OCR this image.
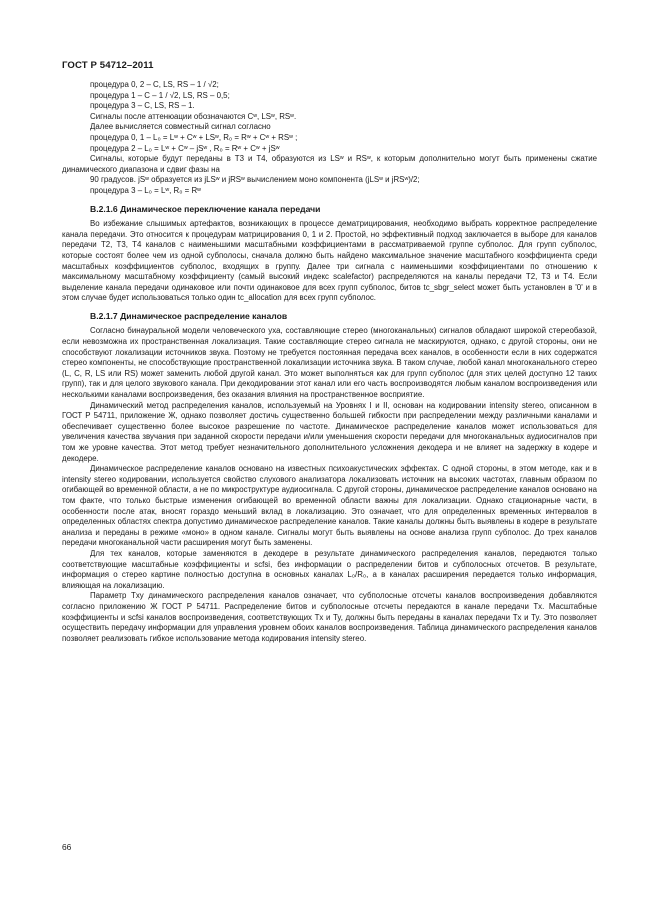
ГОСТ Р 54712–2011
процедура 0, 2 – C, LS, RS – 1 / √2;
процедура 1 – C – 1 / √2, LS, RS – 0,5;
процедура 3 – C, LS, RS – 1.
Сигналы после аттенюации обозначаются Cʷ, LSʷ, RSʷ.
Далее вычисляется совместный сигнал согласно
процедура 0, 1 – L₀ = Lʷ + Cʷ + LSʷ, R₀ = Rʷ + Cʷ + RSʷ ;
процедура 2 – L₀ = Lʷ + Cʷ – jSʷ , R₀ = Rʷ + Cʷ + jSʷ

Сигналы, которые будут переданы в T3 и T4, образуются из LSʷ и RSʷ, к которым дополнительно могут быть применены сжатие динамического диапазона и сдвиг фазы на

90 градусов. jSʷ образуется из jLSʷ и jRSʷ вычислением моно компонента (jLSʷ и jRSʷ)/2;
процедура 3 – L₀ = Lʷ, R₀ = Rʷ
B.2.1.6 Динамическое переключение канала передачи

Во избежание слышимых артефактов, возникающих в процессе дематрицирования, необходимо выбрать корректное распределение канала передачи. Это относится к процедурам матрицирования 0, 1 и 2. Простой, но эффективный подход заключается в выборе для каналов передачи T2, T3, T4 каналов с наименьшими масштабными коэффициентами в рассматриваемой группе субполос. Для групп субполос, которые состоят более чем из одной субполосы, сначала должно быть найдено максимальное значение масштабного коэффициента среди масштабных коэффициентов субполос, входящих в группу. Далее три сигнала с наименьшими коэффициентами по отношению к максимальному масштабному коэффициенту (самый высокий индекс scalefactor) распределяются на каналы передачи T2, T3 и T4. Если выделение канала передачи одинаковое или почти одинаковое для всех групп субполос, битов tc_sbgr_select может быть установлен в '0' и в этом случае будет использоваться только один tc_allocation для всех групп субполос.

B.2.1.7 Динамическое распределение каналов

Согласно бинауральной модели человеческого уха, составляющие стерео (многоканальных) сигналов обладают широкой стереобазой, если невозможна их пространственная локализация. Такие составляющие стерео сигнала не маскируются, однако, с другой стороны, они не способствуют локализации источников звука. Поэтому не требуется постоянная передача всех каналов, в особенности если в них содержатся стерео компоненты, не способствующие пространственной локализации источника звука. В таком случае, любой канал многоканального стерео (L, C, R, LS или RS) может заменить любой другой канал. Это может выполняться как для групп субполос (для этих целей доступно 12 таких групп), так и для целого звукового канала. При декодировании этот канал или его часть воспроизводятся любым каналом воспроизведения или несколькими каналами воспроизведения, без оказания влияния на пространственное восприятие.

Динамический метод распределения каналов, используемый на Уровнях I и II, основан на кодировании intensity stereo, описанном в ГОСТ Р 54711, приложение Ж, однако позволяет достичь существенно большей гибкости при распределении между различными каналами и обеспечивает существенно более высокое разрешение по частоте. Динамическое распределение каналов может использоваться для увеличения качества звучания при заданной скорости передачи и/или уменьшения скорости передачи для многоканальных аудиосигналов при том же уровне качества. Этот метод требует незначительного дополнительного усложнения декодера и не влияет на задержку в кодере и декодере.

Динамическое распределение каналов основано на известных психоакустических эффектах. С одной стороны, в этом методе, как и в intensity stereo кодировании, используется свойство слухового анализатора локализовать источник на высоких частотах, главным образом по огибающей во временной области, а не по микроструктуре аудиосигнала. С другой стороны, динамическое распределение каналов основано на том факте, что только быстрые изменения огибающей во временной области важны для локализации. Однако стационарные части, в особенности после атак, вносят гораздо меньший вклад в локализацию. Это означает, что для определенных временных интервалов в определенных областях спектра допустимо динамическое распределение каналов. Такие каналы должны быть выявлены в кодере в результате анализа и переданы в режиме «моно» в одном канале. Сигналы могут быть выявлены на основе анализа групп субполос. До трех каналов передачи многоканальной части расширения могут быть заменены.

Для тех каналов, которые заменяются в декодере в результате динамического распределения каналов, передаются только соответствующие масштабные коэффициенты и scfsi, без информации о распределении битов и субполосных отсчетов. В результате, информация о стерео картине полностью доступна в основных каналах L₀/R₀, а в каналах расширения передается только информация, влияющая на локализацию.

Параметр Txy динамического распределения каналов означает, что субполосные отсчеты каналов воспроизведения добавляются согласно приложению Ж ГОСТ Р 54711. Распределение битов и субполосные отсчеты передаются в канале передачи Tx. Масштабные коэффициенты и scfsi каналов воспроизведения, соответствующих Tx и Ty, должны быть переданы в каналах передачи Tx и Ty. Это позволяет осуществить передачу информации для управления уровнем обоих каналов воспроизведения. Таблица динамического распределения каналов позволяет реализовать гибкое использование метода кодирования intensity stereo.

66
